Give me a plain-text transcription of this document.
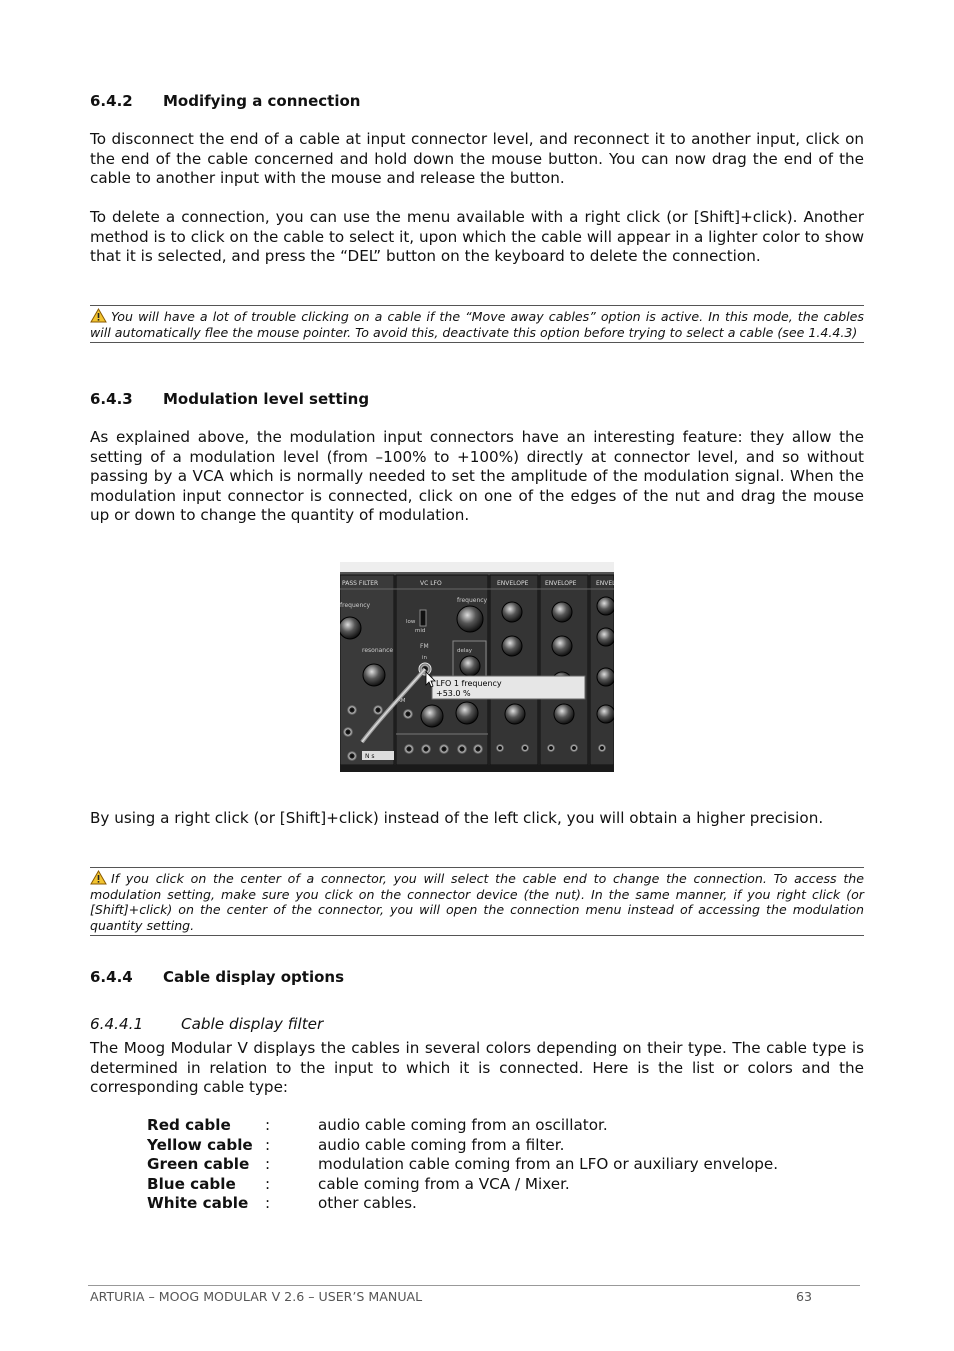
6.4.2 Modifying a connection

To disconnect the end of a cable at input connector level, and reconnect it to another input, click on the end of the cable concerned and hold down the mouse button. You can now drag the end of the cable to another input with the mouse and release the button.

To delete a connection, you can use the menu available with a right click (or [Shift]+click). Another method is to click on the cable to select it, upon which the cable will appear in a lighter color to show that it is selected, and press the “DEL” button on the keyboard to delete the connection.

You will have a lot of trouble clicking on a cable if the “Move away cables” option is active. In this mode, the cables will automatically flee the mouse pointer. To avoid this, deactivate this option before trying to select a cable (see 1.4.4.3)
6.4.3 Modulation level setting

As explained above, the modulation input connectors have an interesting feature: they allow the setting of a modulation level (from –100% to +100%) directly at connector level, and so without passing by a VCA which is normally needed to set the amplitude of the modulation signal. When the modulation input connector is connected, click on one of the edges of the nut and drag the mouse up or down to change the quantity of modulation.

PASS FILTER	VC LFO	ENVELOPE	ENVELOPE	ENVEL
frequency
resonance
N s
frequency
low
mid
FM
delay
in
AM
LFO 1 frequency
+53.0 %

By using a right click (or [Shift]+click) instead of the left click, you will obtain a higher precision.

If you click on the center of a connector, you will select the cable end to change the connection. To access the modulation setting, make sure you click on the connector device (the nut). In the same manner, if you right click (or [Shift]+click) on the center of the connector, you will open the connection menu instead of accessing the modulation quantity setting.
6.4.4 Cable display options
6.4.4.1 Cable display filter

The Moog Modular V displays the cables in several colors depending on their type. The cable type is determined in relation to the input to which it is connected. Here is the list or colors and the corresponding cable type:

Red cable	:	audio cable coming from an oscillator.
Yellow cable :	audio cable coming from a filter.
Green cable	:	modulation cable coming from an LFO or auxiliary envelope.
Blue cable	:	cable coming from a VCA / Mixer.
White cable	:	other cables.
ARTURIA – MOOG MODULAR V 2.6 – USER’S MANUAL	63
